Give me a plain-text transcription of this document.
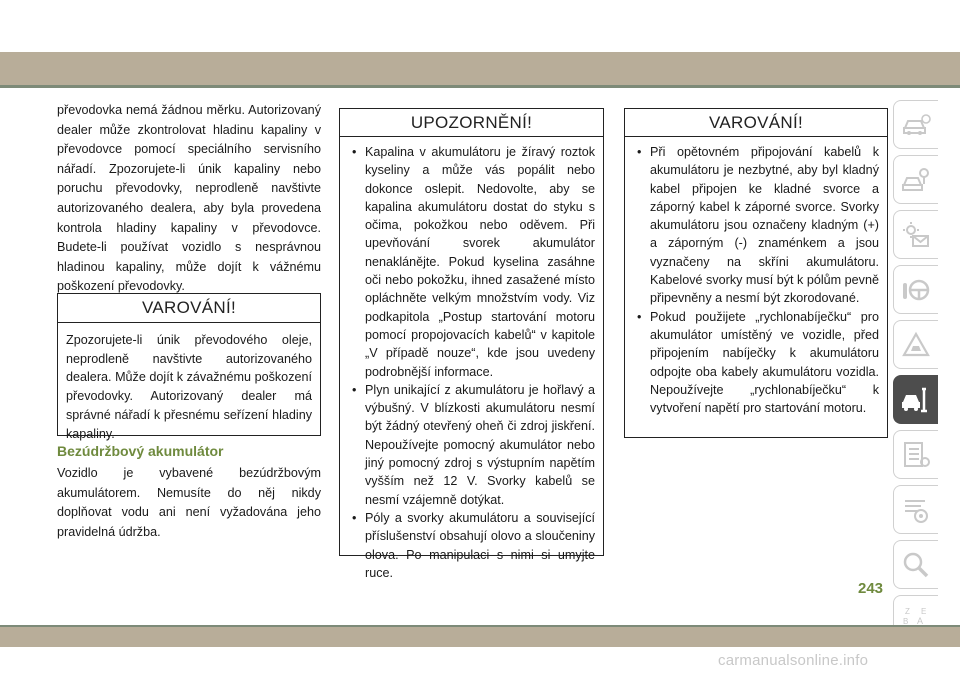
převodovka nemá žádnou měrku. Autorizovaný dealer může zkontrolovat hladinu kapaliny v převodovce pomocí speciálního servisního nářadí. Zpozorujete-li únik kapaliny nebo poruchu převodovky, neprodleně navštivte autorizovaného dealera, aby byla provedena kontrola hladiny kapaliny v převodovce. Budete-li používat vozidlo s nesprávnou hladinou kapaliny, může dojít k vážnému poškození převodovky.

Vozidlo je vybavené bezúdržbovým akumulátorem. Nemusíte do něj nikdy doplňovat vodu ani není vyžadována jeho pravidelná údržba.

VAROVÁNÍ!
Zpozorujete-li únik převodového oleje, neprodleně navštivte autorizovaného dealera. Může dojít k závažnému poškození převodovky. Autorizovaný dealer má správné nářadí k přesnému seřízení hladiny kapaliny.
Bezúdržbový akumulátor
UPOZORNĚNÍ!
• Kapalina v akumulátoru je žíravý roztok kyseliny a může vás popálit nebo dokonce oslepit. Nedovolte, aby se kapalina akumulátoru dostat do styku s očima, pokožkou nebo oděvem. Při upevňování svorek akumulátor nenaklánějte. Pokud kyselina zasáhne oči nebo pokožku, ihned zasažené místo opláchněte velkým množstvím vody. Viz podkapitola „Postup startování motoru pomocí propojovacích kabelů“ v kapitole „V případě nouze“, kde jsou uvedeny podrobnější informace.
• Plyn unikající z akumulátoru je hořlavý a výbušný. V blízkosti akumulátoru nesmí být žádný otevřený oheň či zdroj jiskření. Nepoužívejte pomocný akumulátor nebo jiný pomocný zdroj s výstupním napětím vyšším než 12 V. Svorky kabelů se nesmí vzájemně dotýkat.
• Póly a svorky akumulátoru a související příslušenství obsahují olovo a sloučeniny olova. Po manipulaci s nimi si umyjte ruce.
VAROVÁNÍ!
• Při opětovném připojování kabelů k akumulátoru je nezbytné, aby byl kladný kabel připojen ke kladné svorce a záporný kabel k záporné svorce. Svorky akumulátoru jsou označeny kladným (+) a záporným (-) znaménkem a jsou vyznačeny na skříni akumulátoru. Kabelové svorky musí být k pólům pevně připevněny a nesmí být zkorodované.
• Pokud použijete „rychlonabíječku“ pro akumulátor umístěný ve vozidle, před připojením nabíječky k akumulátoru odpojte oba kabely akumulátoru vozidla. Nepoužívejte „rychlonabíječku“ k vytvoření napětí pro startování motoru.
Z E
B A
243
carmanualsonline.info
